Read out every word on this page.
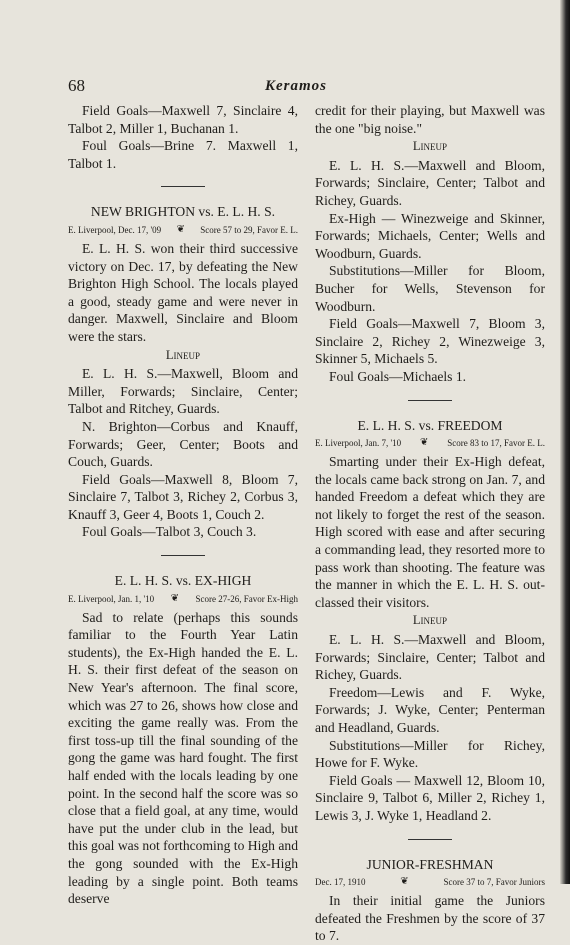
68	Keramos

Field Goals—Maxwell 7, Sinclaire 4, Talbot 2, Miller 1, Buchanan 1.

Foul Goals—Brine 7. Maxwell 1, Talbot 1.

NEW BRIGHTON vs. E. L. H. S.

E. Liverpool, Dec. 17, '09 ❦ Score 57 to 29, Favor E. L.

E. L. H. S. won their third successive victory on Dec. 17, by defeating the New Brighton High School. The locals played a good, steady game and were never in danger. Maxwell, Sinclaire and Bloom were the stars.

Lineup

E. L. H. S.—Maxwell, Bloom and Miller, Forwards; Sinclaire, Center; Talbot and Ritchey, Guards.

N. Brighton—Corbus and Knauff, Forwards; Geer, Center; Boots and Couch, Guards.

Field Goals—Maxwell 8, Bloom 7, Sinclaire 7, Talbot 3, Richey 2, Corbus 3, Knauff 3, Geer 4, Boots 1, Couch 2.

Foul Goals—Talbot 3, Couch 3.

E. L. H. S. vs. EX-HIGH

E. Liverpool, Jan. 1, '10 ❦ Score 27-26, Favor Ex-High

Sad to relate (perhaps this sounds familiar to the Fourth Year Latin students), the Ex-High handed the E. L. H. S. their first defeat of the season on New Year's afternoon. The final score, which was 27 to 26, shows how close and exciting the game really was. From the first toss-up till the final sounding of the gong the game was hard fought. The first half ended with the locals leading by one point. In the second half the score was so close that a field goal, at any time, would have put the under club in the lead, but this goal was not forthcoming to High and the gong sounded with the Ex-High leading by a single point. Both teams deserve

credit for their playing, but Maxwell was the one "big noise."

Lineup

E. L. H. S.—Maxwell and Bloom, Forwards; Sinclaire, Center; Talbot and Richey, Guards.

Ex-High — Winezweige and Skinner, Forwards; Michaels, Center; Wells and Woodburn, Guards.

Substitutions—Miller for Bloom, Bucher for Wells, Stevenson for Woodburn.

Field Goals—Maxwell 7, Bloom 3, Sinclaire 2, Richey 2, Winezweige 3, Skinner 5, Michaels 5.

Foul Goals—Michaels 1.

E. L. H. S. vs. FREEDOM

E. Liverpool, Jan. 7, '10 ❦ Score 83 to 17, Favor E. L.

Smarting under their Ex-High defeat, the locals came back strong on Jan. 7, and handed Freedom a defeat which they are not likely to forget the rest of the season. High scored with ease and after securing a commanding lead, they resorted more to pass work than shooting. The feature was the manner in which the E. L. H. S. out-classed their visitors.

Lineup

E. L. H. S.—Maxwell and Bloom, Forwards; Sinclaire, Center; Talbot and Richey, Guards.

Freedom—Lewis and F. Wyke, Forwards; J. Wyke, Center; Penterman and Headland, Guards.

Substitutions—Miller for Richey, Howe for F. Wyke.

Field Goals — Maxwell 12, Bloom 10, Sinclaire 9, Talbot 6, Miller 2, Richey 1, Lewis 3, J. Wyke 1, Headland 2.

JUNIOR-FRESHMAN

Dec. 17, 1910	❦	Score 37 to 7, Favor Juniors

In their initial game the Juniors defeated the Freshmen by the score of 37 to 7.
